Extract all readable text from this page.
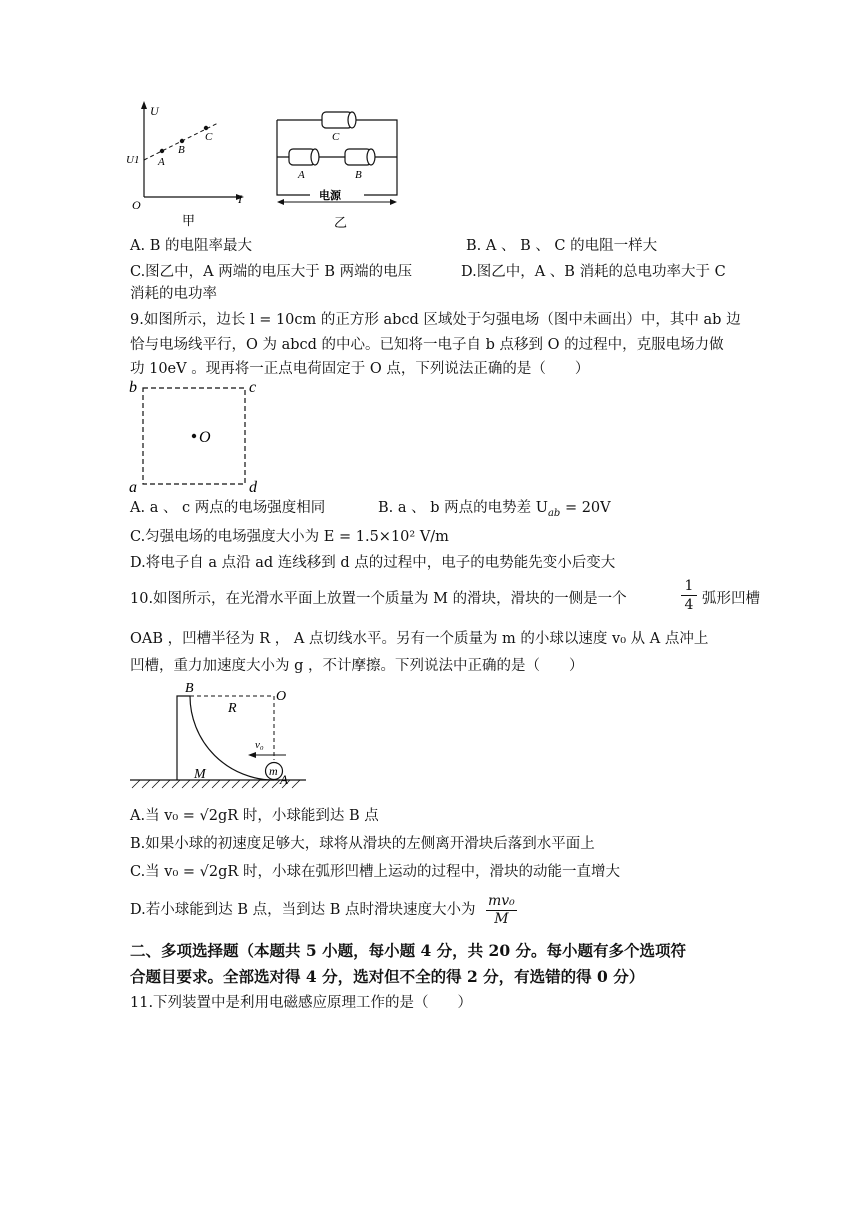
U
I
O
U1 A
B
C
甲
C
A	B
电源
乙
A. B 的电阻率最大	B. A 、 B 、 C 的电阻一样大
C.图乙中，A 两端的电压大于 B 两端的电压	D.图乙中，A 、B 消耗的总电功率大于 C
消耗的电功率
9.如图所示，边长 l = 10cm 的正方形 abcd 区域处于匀强电场（图中未画出）中，其中 ab 边
恰与电场线平行，O 为 abcd 的中心。已知将一电子自 b 点移到 O 的过程中，克服电场力做
功 10eV 。现再将一正点电荷固定于 O 点，下列说法正确的是（　　）
b	c
a	d
O
A. a 、 c 两点的电场强度相同	B. a 、 b 两点的电势差 $U_{ab} = 20V$
C.匀强电场的电场强度大小为 E = 1.5×10² V/m
D.将电子自 a 点沿 ad 连线移到 d 点的过程中，电子的电势能先变小后变大
10.如图所示，在光滑水平面上放置一个质量为 M 的滑块，滑块的一侧是一个	$\frac{1}{4}$ 弧形凹槽
OAB ，凹槽半径为 R ， A 点切线水平。另有一个质量为 m 的小球以速度 v₀ 从 A 点冲上
凹槽，重力加速度大小为 g ，不计摩擦。下列说法中正确的是（　　）
B
O
R
v₀
m
M	A
A.当 v₀ = √2gR 时，小球能到达 B 点
B.如果小球的初速度足够大，球将从滑块的左侧离开滑块后落到水平面上
C.当 v₀ = √2gR 时，小球在弧形凹槽上运动的过程中，滑块的动能一直增大
D.若小球能到达 B 点，当到达 B 点时滑块速度大小为 $\frac{\text{mv₀}}{M}$
二、多项选择题（本题共 5 小题，每小题 4 分，共 20 分。每小题有多个选项符
合题目要求。全部选对得 4 分，选对但不全的得 2 分，有选错的得 0 分）
11.下列装置中是利用电磁感应原理工作的是（　　）
